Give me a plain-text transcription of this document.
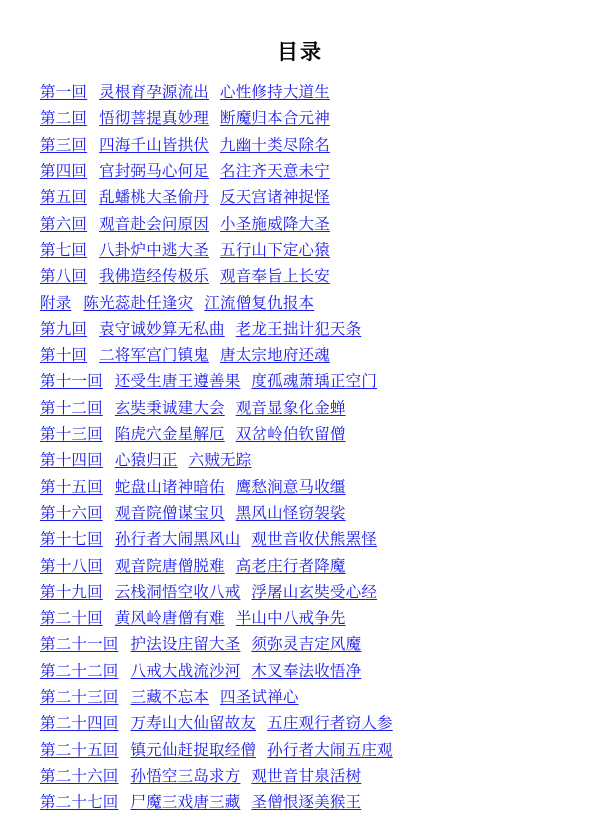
目录
第一回 灵根育孕源流出 心性修持大道生
第二回 悟彻菩提真妙理 断魔归本合元神
第三回 四海千山皆拱伏 九幽十类尽除名
第四回 官封弼马心何足 名注齐天意未宁
第五回 乱蟠桃大圣偷丹 反天宫诸神捉怪
第六回 观音赴会问原因 小圣施威降大圣
第七回 八卦炉中逃大圣 五行山下定心猿
第八回 我佛造经传极乐 观音奉旨上长安
附录 陈光蕊赴任逢灾 江流僧复仇报本
第九回 袁守诚妙算无私曲 老龙王拙计犯天条
第十回 二将军宫门镇鬼 唐太宗地府还魂
第十一回 还受生唐王遵善果 度孤魂萧瑀正空门
第十二回 玄奘秉诚建大会 观音显象化金蝉
第十三回 陷虎穴金星解厄 双岔岭伯钦留僧
第十四回 心猿归正 六贼无踪
第十五回 蛇盘山诸神暗佑 鹰愁涧意马收缰
第十六回 观音院僧谋宝贝 黑风山怪窃袈裟
第十七回 孙行者大闹黑风山 观世音收伏熊罴怪
第十八回 观音院唐僧脱难 高老庄行者降魔
第十九回 云栈洞悟空收八戒 浮屠山玄奘受心经
第二十回 黄风岭唐僧有难 半山中八戒争先
第二十一回 护法设庄留大圣 须弥灵吉定风魔
第二十二回 八戒大战流沙河 木叉奉法收悟净
第二十三回 三藏不忘本 四圣试禅心
第二十四回 万寿山大仙留故友 五庄观行者窃人参
第二十五回 镇元仙赶捉取经僧 孙行者大闹五庄观
第二十六回 孙悟空三岛求方 观世音甘泉活树
第二十七回 尸魔三戏唐三藏 圣僧恨逐美猴王
